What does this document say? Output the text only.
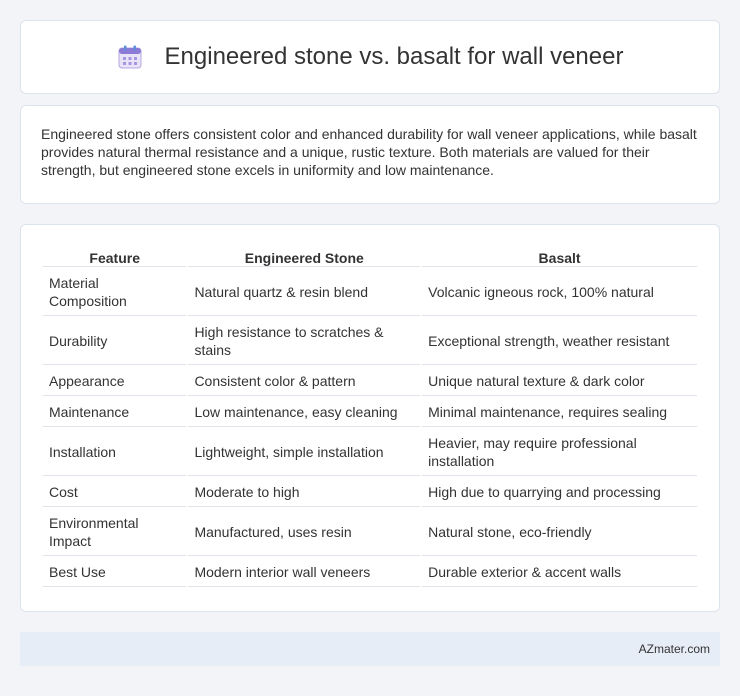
Engineered stone vs. basalt for wall veneer

Engineered stone offers consistent color and enhanced durability for wall veneer applications, while basalt provides natural thermal resistance and a unique, rustic texture. Both materials are valued for their strength, but engineered stone excels in uniformity and low maintenance.

Feature	Engineered Stone	Basalt
Material Composition	Natural quartz & resin blend	Volcanic igneous rock, 100% natural
Durability	High resistance to scratches & stains	Exceptional strength, weather resistant
Appearance	Consistent color & pattern	Unique natural texture & dark color
Maintenance	Low maintenance, easy cleaning	Minimal maintenance, requires sealing
Installation	Lightweight, simple installation	Heavier, may require professional installation
Cost	Moderate to high	High due to quarrying and processing
Environmental Impact	Manufactured, uses resin	Natural stone, eco-friendly
Best Use	Modern interior wall veneers	Durable exterior & accent walls
AZmater.com
